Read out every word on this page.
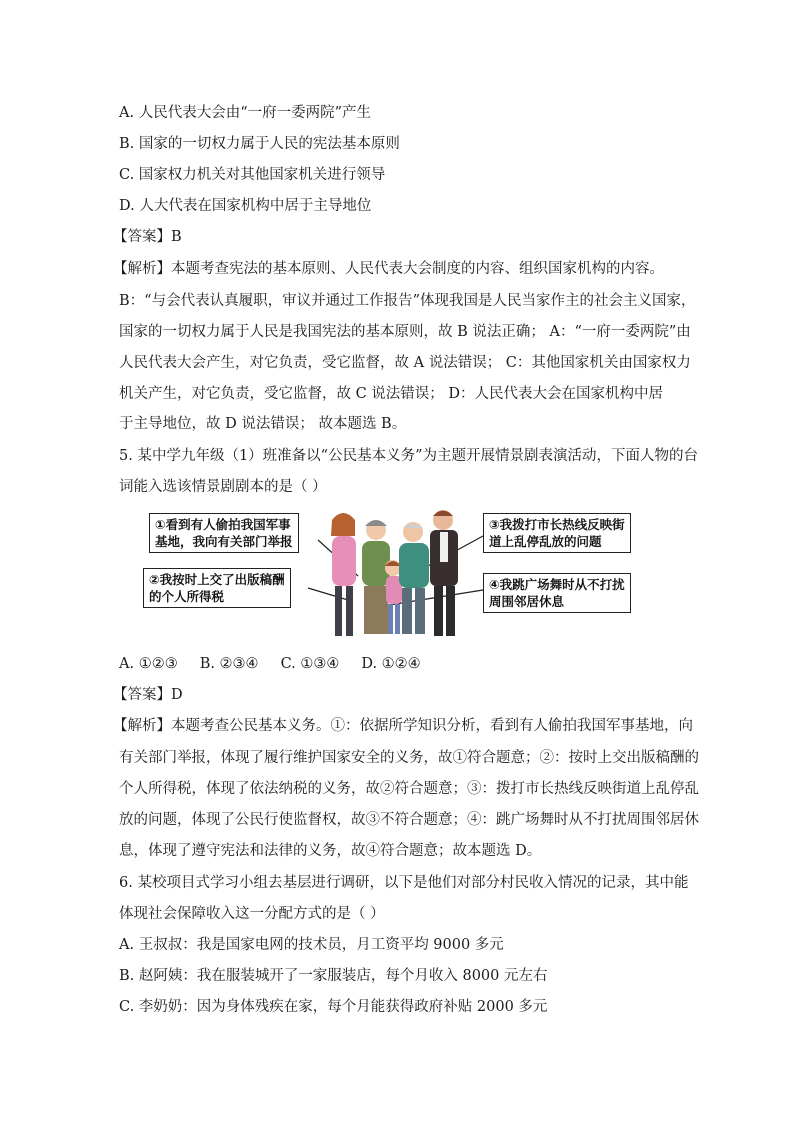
A. 人民代表大会由“一府一委两院”产生
B. 国家的一切权力属于人民的宪法基本原则
C. 国家权力机关对其他国家机关进行领导
D. 人大代表在国家机构中居于主导地位
【答案】B
【解析】本题考查宪法的基本原则、人民代表大会制度的内容、组织国家机构的内容。
B：“与会代表认真履职，审议并通过工作报告”体现我国是人民当家作主的社会主义国家，
国家的一切权力属于人民是我国宪法的基本原则，故 B 说法正确； A：“一府一委两院”由
人民代表大会产生，对它负责，受它监督，故 A 说法错误； C：其他国家机关由国家权力
机关产生，对它负责，受它监督，故 C 说法错误； D：人民代表大会在国家机构中居
于主导地位，故 D 说法错误； 故本题选 B。
5. 某中学九年级（1）班准备以“公民基本义务”为主题开展情景剧表演活动，下面人物的台
词能入选该情景剧剧本的是（ ）
①看到有人偷拍我国军事
基地，我向有关部门举报
②我按时上交了出版稿酬
的个人所得税
③我拨打市长热线反映街
道上乱停乱放的问题
④我跳广场舞时从不打扰
周围邻居休息
A. ①②③ B. ②③④ C. ①③④ D. ①②④
【答案】D
【解析】本题考查公民基本义务。①：依据所学知识分析，看到有人偷拍我国军事基地，向
有关部门举报，体现了履行维护国家安全的义务，故①符合题意；②：按时上交出版稿酬的
个人所得税，体现了依法纳税的义务，故②符合题意；③：拨打市长热线反映街道上乱停乱
放的问题，体现了公民行使监督权，故③不符合题意；④：跳广场舞时从不打扰周围邻居休
息，体现了遵守宪法和法律的义务，故④符合题意；故本题选 D。
6. 某校项目式学习小组去基层进行调研，以下是他们对部分村民收入情况的记录，其中能
体现社会保障收入这一分配方式的是（ ）
A. 王叔叔：我是国家电网的技术员，月工资平均 9000 多元
B. 赵阿姨：我在服装城开了一家服装店，每个月收入 8000 元左右
C. 李奶奶：因为身体残疾在家，每个月能获得政府补贴 2000 多元
